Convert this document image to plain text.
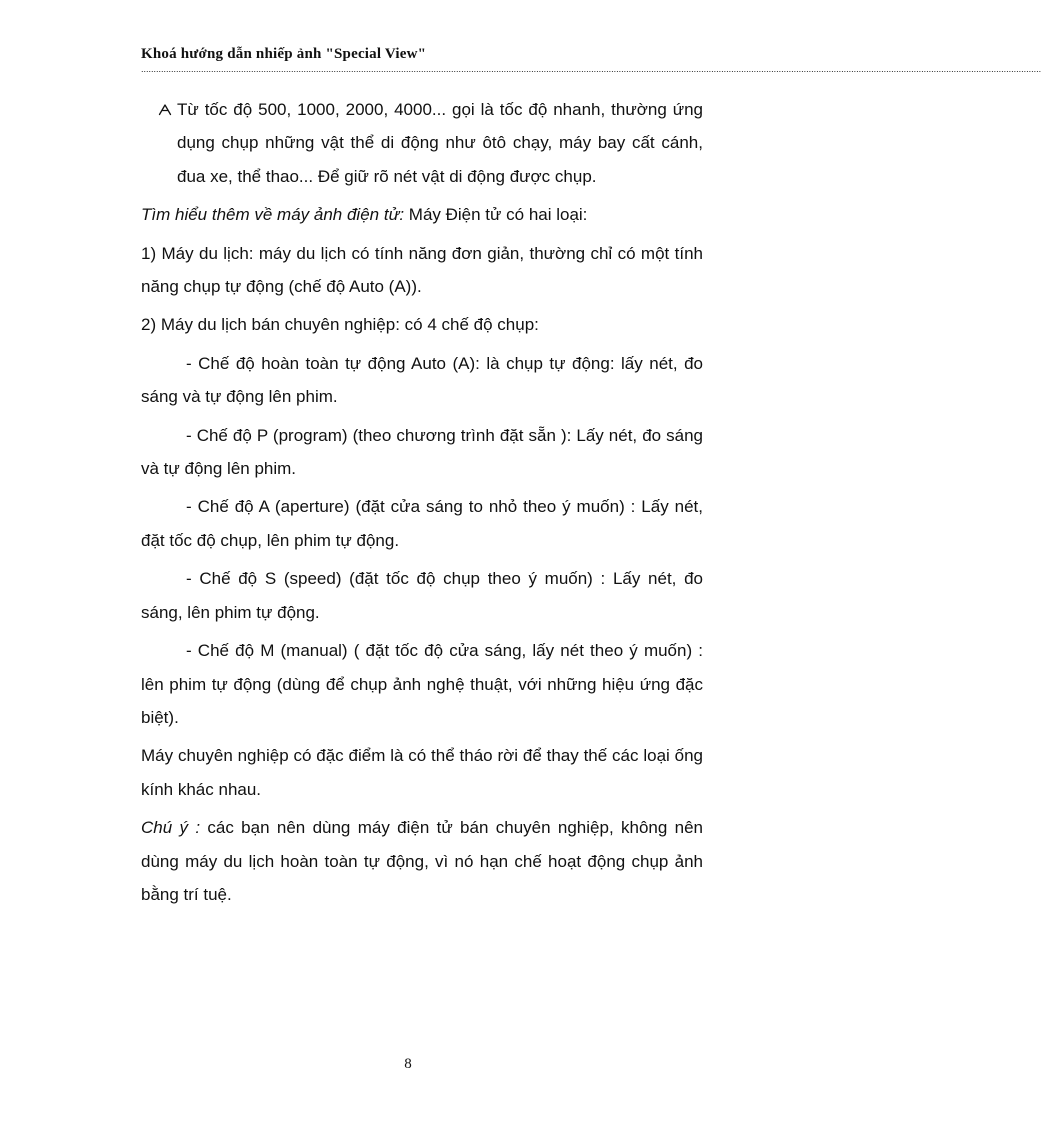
Khoá hướng dẫn nhiếp ảnh "Special View"
........................................................................................................................................................................................................................................................................................................................................................................

Từ tốc độ 500, 1000, 2000, 4000... gọi là tốc độ nhanh, thường ứng dụng chụp những vật thể di động như ôtô chạy, máy bay cất cánh, đua xe, thể thao... Để giữ rõ nét vật di động được chụp.

Tìm hiểu thêm về máy ảnh điện tử: Máy Điện tử có hai loại:

1) Máy du lịch: máy du lịch có tính năng đơn giản, thường chỉ có một tính năng chụp tự động (chế độ Auto (A)).

2) Máy du lịch bán chuyên nghiệp: có 4 chế độ chụp:

- Chế độ hoàn toàn tự động Auto (A): là chụp tự động: lấy nét, đo sáng và tự động lên phim.

- Chế độ P (program) (theo chương trình đặt sẵn ): Lấy nét, đo sáng và tự động lên phim.

- Chế độ A (aperture) (đặt cửa sáng to nhỏ theo ý muốn) : Lấy nét, đặt tốc độ chụp, lên phim tự động.

- Chế độ S (speed) (đặt tốc độ chụp theo ý muốn) : Lấy nét, đo sáng, lên phim tự động.

- Chế độ M (manual) ( đặt tốc độ cửa sáng, lấy nét theo ý muốn) : lên phim tự động (dùng để chụp ảnh nghệ thuật, với những hiệu ứng đặc biệt).

Máy chuyên nghiệp có đặc điểm là có thể tháo rời để thay thế các loại ống kính khác nhau.

Chú ý : các bạn nên dùng máy điện tử bán chuyên nghiệp, không nên dùng máy du lịch hoàn toàn tự động, vì nó hạn chế hoạt động chụp ảnh bằng trí tuệ.

8
